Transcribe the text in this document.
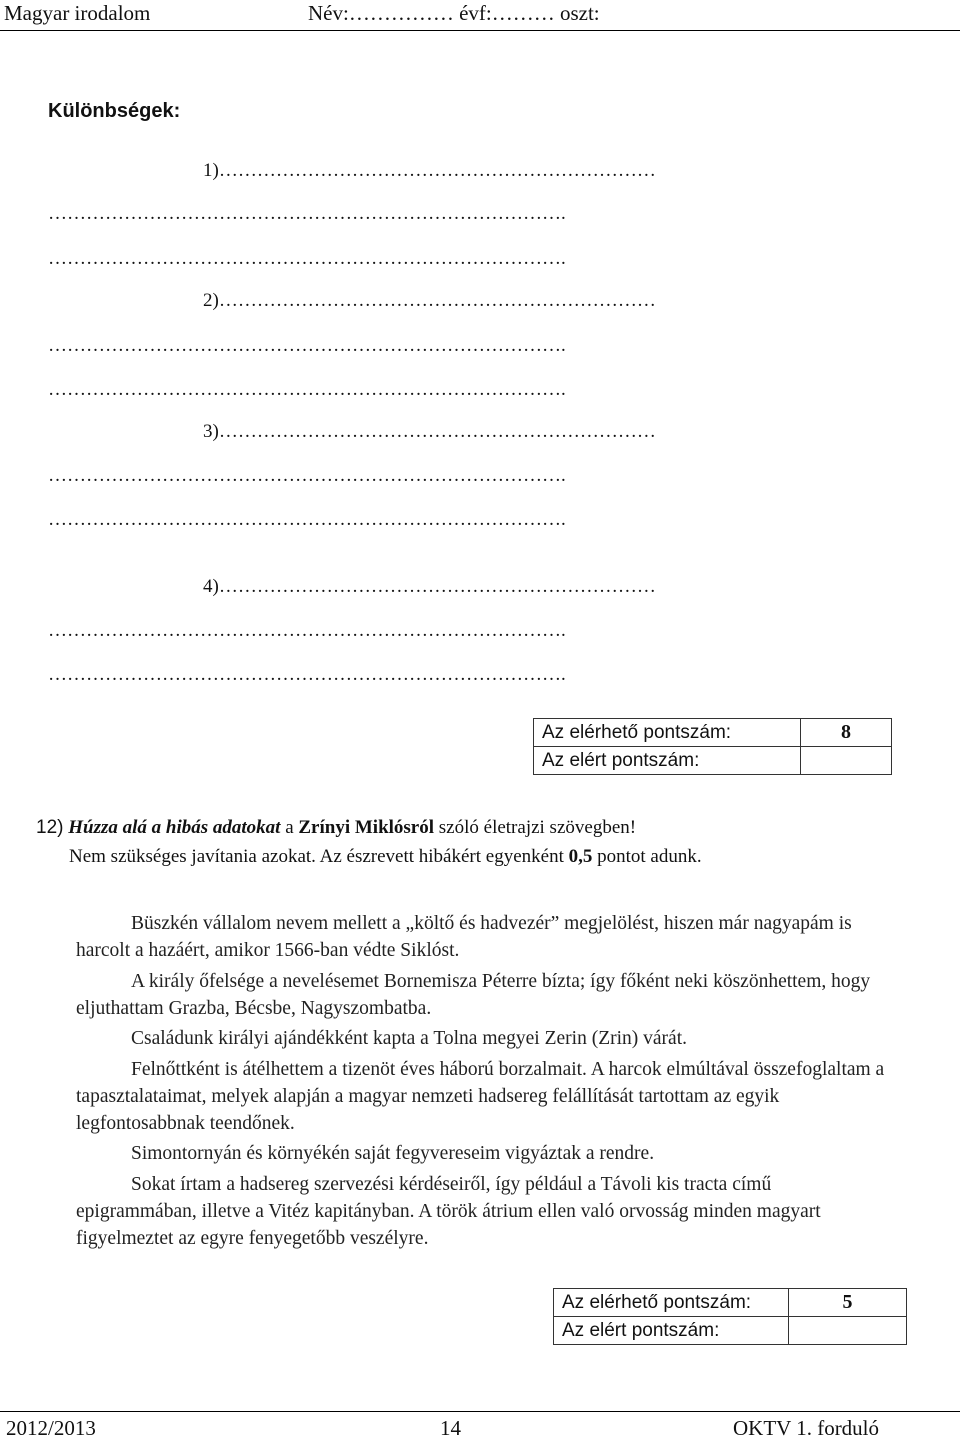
Magyar irodalom	Név:…………… évf:……… oszt:
Különbségek:
1)……………………………………………………………
……………………………………………………………………….
……………………………………………………………………….
2)……………………………………………………………
……………………………………………………………………….
……………………………………………………………………….
3)……………………………………………………………
……………………………………………………………………….
……………………………………………………………………….
4)……………………………………………………………
……………………………………………………………………….
……………………………………………………………………….
Az elérhető pontszám:	8
Az elért pontszám:	
12) Húzza alá a hibás adatokat a Zrínyi Miklósról szóló életrajzi szövegben!
Nem szükséges javítania azokat. Az észrevett hibákért egyenként 0,5 pontot adunk.

Büszkén vállalom nevem mellett a „költő és hadvezér” megjelölést, hiszen már nagyapám is harcolt a hazáért, amikor 1566-ban védte Siklóst.

A király őfelsége a nevelésemet Bornemisza Péterre bízta; így főként neki köszönhettem, hogy eljuthattam Grazba, Bécsbe, Nagyszombatba.

Családunk királyi ajándékként kapta a Tolna megyei Zerin (Zrin) várát.

Felnőttként is átélhettem a tizenöt éves háború borzalmait. A harcok elmúltával összefoglaltam a tapasztalataimat, melyek alapján a magyar nemzeti hadsereg felállítását tartottam az egyik legfontosabbnak teendőnek.

Simontornyán és környékén saját fegyvereseim vigyáztak a rendre.

Sokat írtam a hadsereg szervezési kérdéseiről, így például a Távoli kis tracta című epigrammában, illetve a Vitéz kapitányban. A török átrium ellen való orvosság minden magyart figyelmeztet az egyre fenyegetőbb veszélyre.

Az elérhető pontszám:	5
Az elért pontszám:	
2012/2013	14	OKTV 1. forduló
